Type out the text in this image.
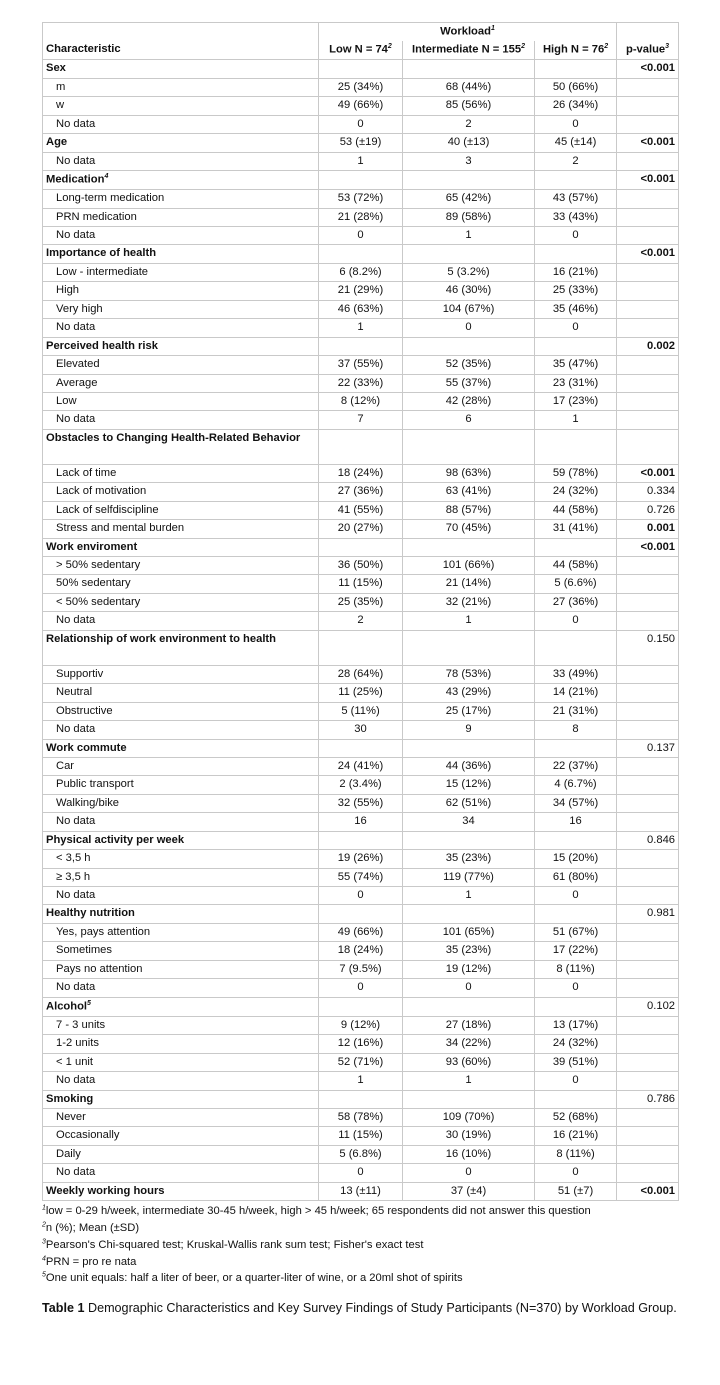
	Workload$^1$	
Characteristic	Low $N = 74^2$	Intermediate $N = 155^2$	High $N = 76^2$	p-value$^3$
Sex				<0.001
m	25 (34%)	68 (44%)	50 (66%)	
w	49 (66%)	85 (56%)	26 (34%)	
No data	0	2	0	
Age	53 (±19)	40 (±13)	45 (±14)	<0.001
No data	1	3	2	
Medication$^4$				<0.001
Long-term medication	53 (72%)	65 (42%)	43 (57%)	
PRN medication	21 (28%)	89 (58%)	33 (43%)	
No data	0	1	0	
Importance of health				<0.001
Low - intermediate	6 (8.2%)	5 (3.2%)	16 (21%)	
High	21 (29%)	46 (30%)	25 (33%)	
Very high	46 (63%)	104 (67%)	35 (46%)	
No data	1	0	0	
Perceived health risk				0.002
Elevated	37 (55%)	52 (35%)	35 (47%)	
Average	22 (33%)	55 (37%)	23 (31%)	
Low	8 (12%)	42 (28%)	17 (23%)	
No data	7	6	1	
Obstacles to Changing Health-Related Behavior				
Lack of time	18 (24%)	98 (63%)	59 (78%)	<0.001
Lack of motivation	27 (36%)	63 (41%)	24 (32%)	0.334
Lack of selfdiscipline	41 (55%)	88 (57%)	44 (58%)	0.726
Stress and mental burden	20 (27%)	70 (45%)	31 (41%)	0.001
Work enviroment				<0.001
> 50% sedentary	36 (50%)	101 (66%)	44 (58%)	
50% sedentary	11 (15%)	21 (14%)	5 (6.6%)	
< 50% sedentary	25 (35%)	32 (21%)	27 (36%)	
No data	2	1	0	
Relationship of work environment to health				0.150
Supportiv	28 (64%)	78 (53%)	33 (49%)	
Neutral	11 (25%)	43 (29%)	14 (21%)	
Obstructive	5 (11%)	25 (17%)	21 (31%)	
No data	30	9	8	
Work commute				0.137
Car	24 (41%)	44 (36%)	22 (37%)	
Public transport	2 (3.4%)	15 (12%)	4 (6.7%)	
Walking/bike	32 (55%)	62 (51%)	34 (57%)	
No data	16	34	16	
Physical activity per week				0.846
< 3,5 h	19 (26%)	35 (23%)	15 (20%)	
≥ 3,5 h	55 (74%)	119 (77%)	61 (80%)	
No data	0	1	0	
Healthy nutrition				0.981
Yes, pays attention	49 (66%)	101 (65%)	51 (67%)	
Sometimes	18 (24%)	35 (23%)	17 (22%)	
Pays no attention	7 (9.5%)	19 (12%)	8 (11%)	
No data	0	0	0	
Alcohol$^5$				0.102
7 - 3 units	9 (12%)	27 (18%)	13 (17%)	
1-2 units	12 (16%)	34 (22%)	24 (32%)	
< 1 unit	52 (71%)	93 (60%)	39 (51%)	
No data	1	1	0	
Smoking				0.786
Never	58 (78%)	109 (70%)	52 (68%)	
Occasionally	11 (15%)	30 (19%)	16 (21%)	
Daily	5 (6.8%)	16 (10%)	8 (11%)	
No data	0	0	0	
Weekly working hours	13 (±11)	37 (±4)	51 (±7)	<0.001
$^1$low = 0-29 h/week, intermediate 30-45 h/week, high > 45 h/week; 65 respondents did not answer this question
$^2$n (%); Mean (±SD)
$^3$Pearson's Chi-squared test; Kruskal-Wallis rank sum test; Fisher's exact test
$^4$PRN = pro re nata
$^5$One unit equals: half a liter of beer, or a quarter-liter of wine, or a 20ml shot of spirits
Table 1 Demographic Characteristics and Key Survey Findings of Study Participants (N=370) by Workload Group.
